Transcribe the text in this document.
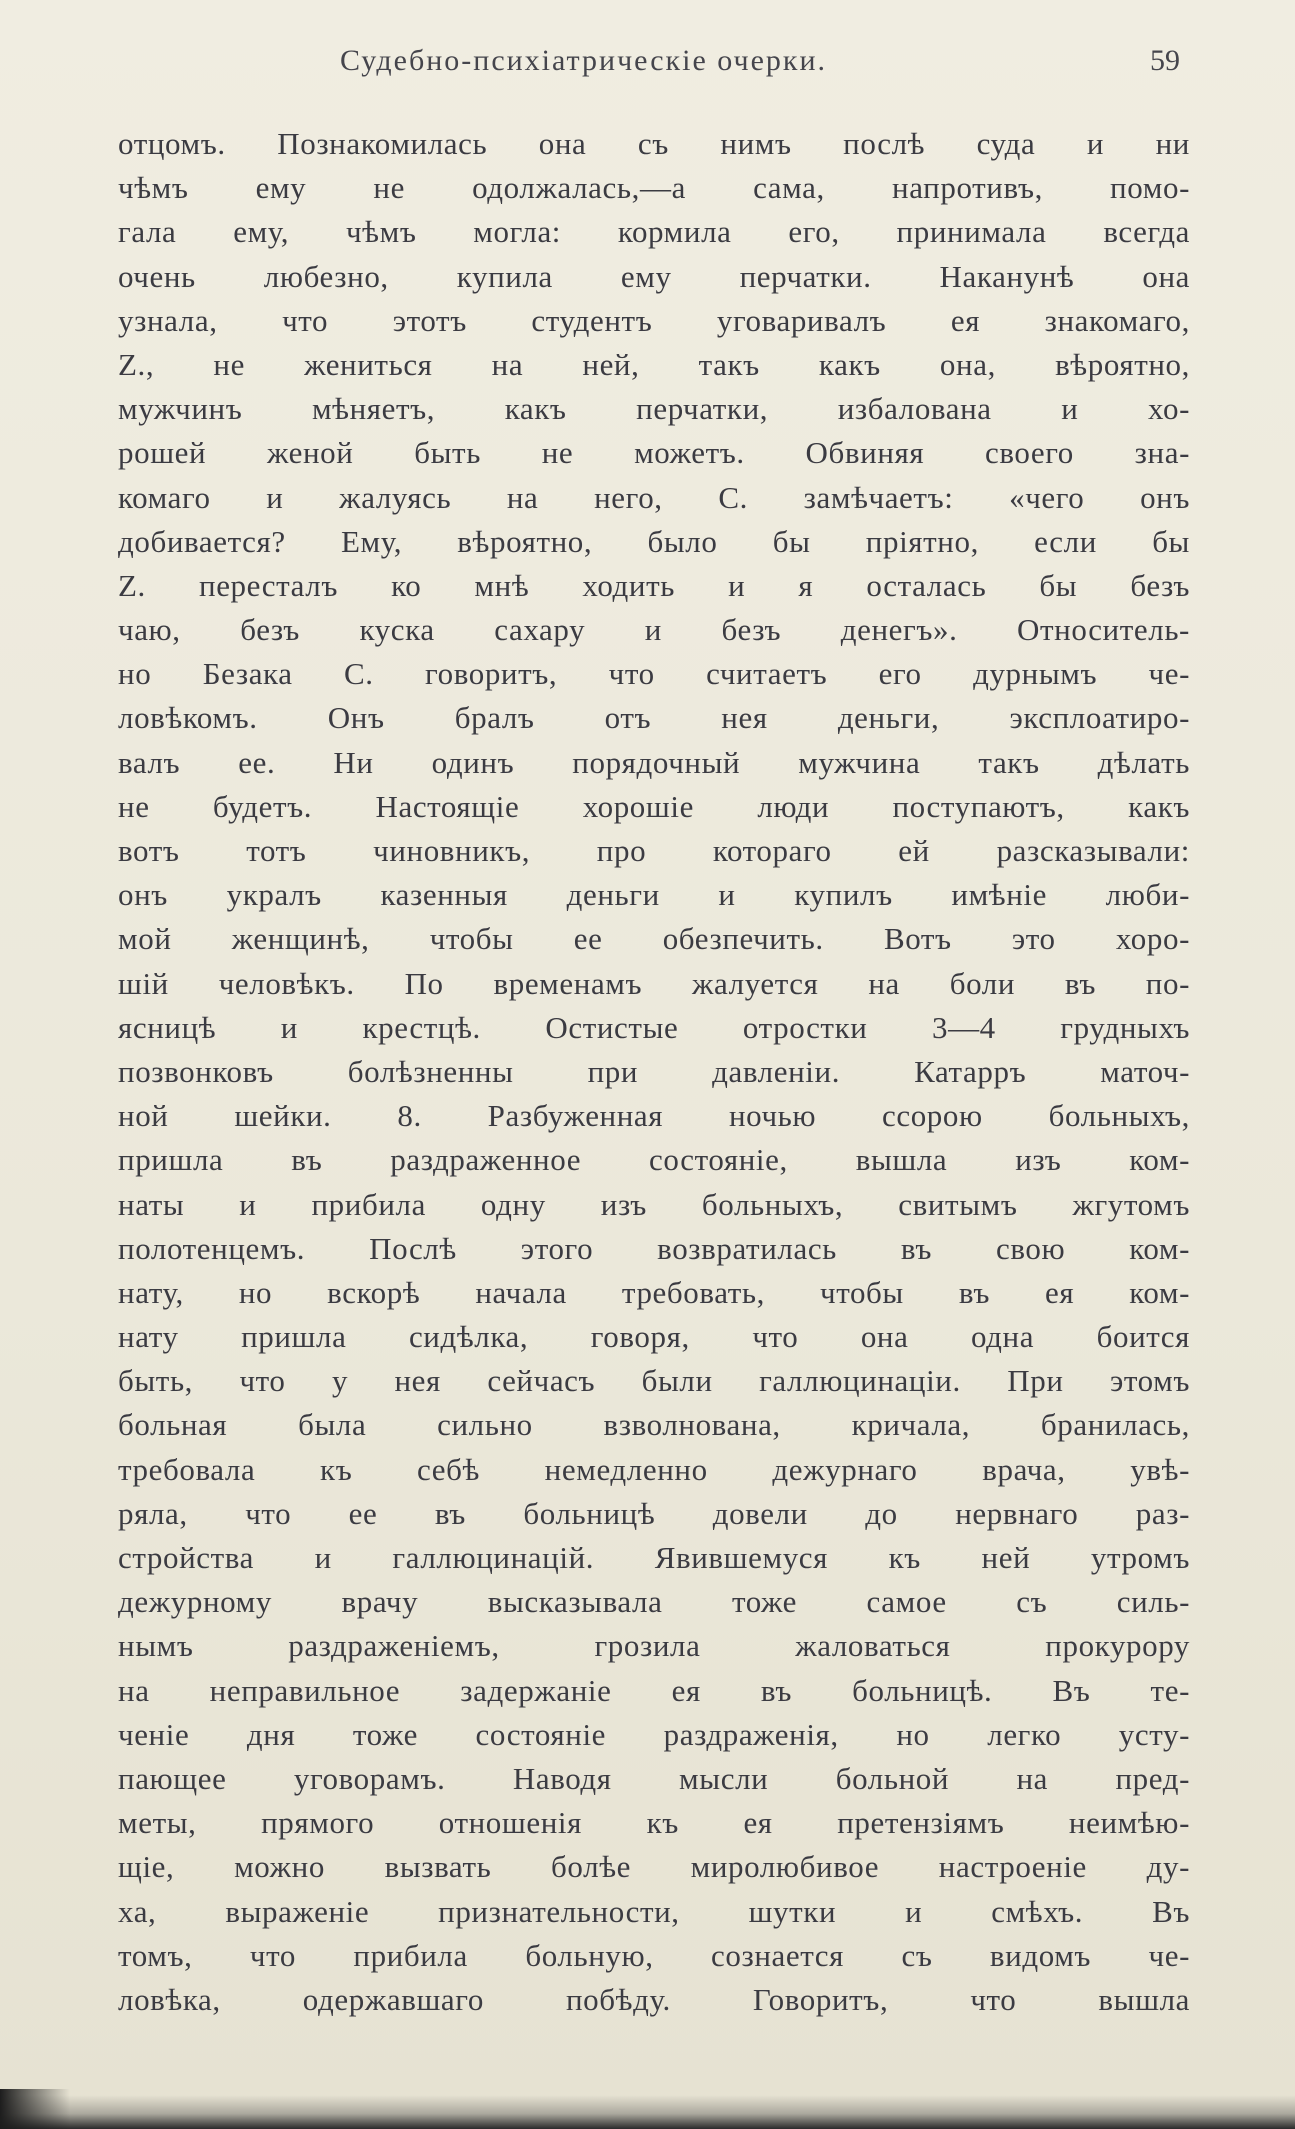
Судебно-психіатрическіе очерки.	59
отцомъ. Познакомилась она съ нимъ послѣ суда и ни
чѣмъ ему не одолжалась,—а сама, напротивъ, помо-
гала ему, чѣмъ могла: кормила его, принимала всегда
очень любезно, купила ему перчатки. Наканунѣ она
узнала, что этотъ студентъ уговаривалъ ея знакомаго,
Z., не жениться на ней, такъ какъ она, вѣроятно,
мужчинъ мѣняетъ, какъ перчатки, избалована и хо-
рошей женой быть не можетъ. Обвиняя своего зна-
комаго и жалуясь на него, С. замѣчаетъ: «чего онъ
добивается? Ему, вѣроятно, было бы пріятно, если бы
Z. пересталъ ко мнѣ ходить и я осталась бы безъ
чаю, безъ куска сахару и безъ денегъ». Относитель-
но Безака С. говоритъ, что считаетъ его дурнымъ че-
ловѣкомъ. Онъ бралъ отъ нея деньги, эксплоатиро-
валъ ее. Ни одинъ порядочный мужчина такъ дѣлать
не будетъ. Настоящіе хорошіе люди поступаютъ, какъ
вотъ тотъ чиновникъ, про котораго ей разсказывали:
онъ укралъ казенныя деньги и купилъ имѣніе люби-
мой женщинѣ, чтобы ее обезпечить. Вотъ это хоро-
шій человѣкъ. По временамъ жалуется на боли въ по-
ясницѣ и крестцѣ. Остистые отростки 3—4 грудныхъ
позвонковъ болѣзненны при давленіи. Катарръ маточ-
ной шейки. 8. Разбуженная ночью ссорою больныхъ,
пришла въ раздраженное состояніе, вышла изъ ком-
наты и прибила одну изъ больныхъ, свитымъ жгутомъ
полотенцемъ. Послѣ этого возвратилась въ свою ком-
нату, но вскорѣ начала требовать, чтобы въ ея ком-
нату пришла сидѣлка, говоря, что она одна боится
быть, что у нея сейчасъ были галлюцинаціи. При этомъ
больная была сильно взволнована, кричала, бранилась,
требовала къ себѣ немедленно дежурнаго врача, увѣ-
ряла, что ее въ больницѣ довели до нервнаго раз-
стройства и галлюцинацій. Явившемуся къ ней утромъ
дежурному врачу высказывала тоже самое съ силь-
нымъ раздраженіемъ, грозила жаловаться прокурору
на неправильное задержаніе ея въ больницѣ. Въ те-
ченіе дня тоже состояніе раздраженія, но легко усту-
пающее уговорамъ. Наводя мысли больной на пред-
меты, прямого отношенія къ ея претензіямъ неимѣю-
щіе, можно вызвать болѣе миролюбивое настроеніе ду-
ха, выраженіе признательности, шутки и смѣхъ. Въ
томъ, что прибила больную, сознается съ видомъ че-
ловѣка, одержавшаго побѣду. Говоритъ, что вышла
